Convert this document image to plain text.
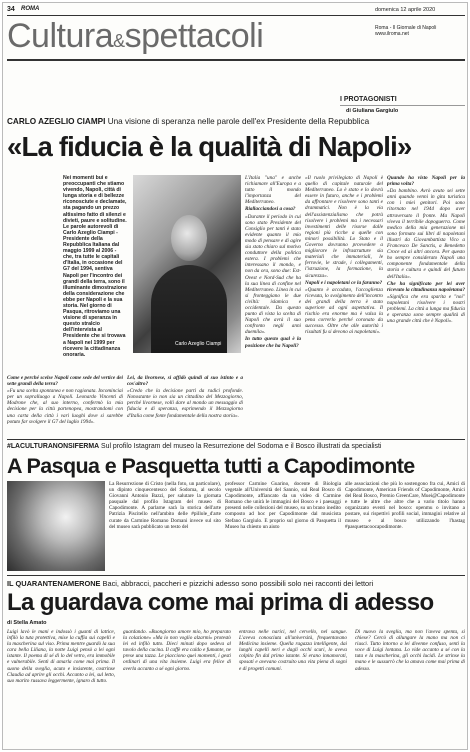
34 ROMA	domenica 12 aprile 2020
Cultura&spettacoli	Roma - Il Giornale di Napoli
www.ilroma.net
I PROTAGONISTI
di Giuliana Gargiulo
CARLO AZEGLIO CIAMPI Una visione di speranza nelle parole dell'ex Presidente della Repubblica
«La fiducia è la qualità di Napoli»
Nei momenti bui e preoccupanti che stiamo vivendo, Napoli, città di lunga storia e di bellezze riconosciute e declamate, sta pagando un prezzo altissimo fatto di silenzi e divieti, paure e solitudine. Le parole autorevoli di Carlo Azeglio Ciampi - Presidente della Repubblica Italiana dal maggio 1999 al 2006 - che, tra tutte le capitali d'Italia, in occasione del G7 del 1994, sentiva Napoli per l'incontro dei grandi della terra, sono il illuminante dimostrazione della considerazione che ebbe per Napoli e la sua storia. Nel giorno di Pasqua, ritroviamo una visione di speranza in questo stralcio dell'intervista al Presidente che si trovava a Napoli nel 1999 per ricevere la cittadinanza onoraria.
Carlo Azeglio Ciampi

L'Italia "una" e anche richiamare all'Europa e a tutto il mondo l'importanza del Mediterraneo.

Riallacciandosi a cosa?

«Durante il periodo in cui sono stato Presidente del Consiglio per tanti è stato evidente quanto il mio modo di pensare e di agire sia stato chiaro sul motivo conduttore della politica estera. I problemi che interessano il mondo, e non da ora, sono due: Est-Ovest e Nord-Sud che ha la sua linea di confine nel Mediterraneo. Linea in cui si fronteggiano le due civiltà: islamica e occidentale. Da questo punto di vista la scelta di Napoli che avrà il suo confronto negli anni duemila».

In tutto questo qual è la posizione che ha Napoli?

«Il ruolo privilegiato di Napoli è quello di capitale naturale del Mediterraneo. Lo è stato e lo dovrà essere in futuro, anche e i problemi da affrontare e risolvere sono tanti e drammatici. Non è la via dell'assistenzialismo che potrà risolvere i problemi ma i necessari investimenti delle risorse dalle regioni più ricche a quelle con minori possibilità. Lo Stato e il Governo dovranno provvedere a migliorare le infrastrutture sia materiali che immateriali, le ferrovie, le strade, i collegamenti, l'istruzione, la formazione, la sicurezza».

Napoli e i napoletani ce la faranno?

«Quanto è accaduto, l'accoglienza ricevuta, lo svolgimento dell'incontro dei grandi della terra è stato superiore ad ogni aspettativa. Il rischio era enorme ma è valsa la pena correrlo perché coronato da successo. Oltre che alle autorità i risultati fu si devono ai napoletani».

Quando ha visto Napoli per la prima volta?

«Da bambino. Avrò avuto sei sette anni quando venni in gita turistica con i miei genitori. Poi sono ritornato nel 1944 dopo aver attraversato il fronte. Ma Napoli viveva il terribile dopoguerra. Come medico della mia generazione mi sono formato sui libri di napoletani illustri da Giovambattista Vico a Francesco De Sanctis, a Benedetto Croce ed ai altri ancora. Per questo ho sempre considerato Napoli una componente fondamentale della storia e cultura e quindi del futuro dell'Italia».

Che ha significato per lei aver ricevuto la cittadinanza napoletana?

«Significa che era sparita e "noi" napoletani risolvere i nostri problemi. La città a lunga ma fiducia e speranza sono sempre qualità di una grande città che è Napoli».

Come e perché scelse Napoli come sede del vertice dei sette grandi della terra?

«Fu una scelta spontanea e non ragionata. Incominciai per un sopralluogo a Napoli. Leonardo Vincenti di Modrone che, al suo interno, confermò la mia decisione per la città partenopea, mostrandomi con una carta della città i vari luoghi dove si sarebbe potuto far svolgere il G7 del luglio 1994».

Lei, da livornese, si affidò quindi al suo istinto e a cos'altro?

«Credo che la decisione partì da radici profonde. Nonostante io non sia un cittadino del Mezzogiorno, perché livornese, volli dare al mondo un messaggio di fiducia e di speranza, esprimendo il Mezzogiorno d'Italia come fonte fondamentale della nostra storia».

#LACULTURANONSIFERMA Sul profilo Istagram del museo la Resurrezione del Sodoma e il Bosco illustrati da specialisti
A Pasqua e Pasquetta tutti a Capodimonte
La Resurrezione di Cristo (nella foto, un particolare), un dipinto cinquecentesco del Sodoma, al secolo Giovanni Antonio Bazzi, per salutare la giornata pasquale dal profilo Istagram del museo di Capodimonte. A parlarne sarà la storica dell'arte Patrizia Piscitello nell'ambito delle #pillole_d'arte curate da Carmine Romano Domani invece sul sito del museo sarà pubblicato un testo del
professor Carmine Guarino, docente di Biologia vegetale all'Università del Sannio, sul Real Bosco di Capodimonte, affiancato da un video di Carmine Romano che unirà le immagini del Bosco e i paesaggi presenti nelle collezioni del museo, su un brano inedito composto ad hoc per Capodimonte dal musicista Stefano Gargiulo. E proprio sul giorno di Pasquetta il Museo ha chiesto un aiuto
alle associazioni che più lo sostengono fra cui, Amici di Capodimonte, American Friends of Capodimonte, Amici del Real Bosco, Premio GreenCare, Muei@Capodimonte e tutte le altre che altre che a vario titolo hanno organizzato eventi nel bosco: openmu o invitano a postare, sui rispettivi profili social, immagini relative al museo e al bosco utilizzando l'hastag #pasquettacoocapodimonte.
IL QUARANTENAMERONE Baci, abbracci, paccheri e pizzichi adesso sono possibili solo nei racconti dei lettori
La guardava come mai prima di adesso
di Stella Amato
Luigi lavò le mani e indossò i guanti di lattice, infilò la tuta protettiva, mise la cuffia sui capelli e la mascherina sul viso. Prima mentre guardò la sua cara bella Liliana, la notte Luigi pensò a lei ogni istante. Il poema di sé di lo del vetro, era immobile e vulnerabile. Sentì di amarla come mai prima. Il suono della sveglia, acuto e insistente, costrinse Claudia ad aprire gli occhi. Accanto a lei, sul letto, suo marito russava leggermente, ignaro di tutto.
guardando. «Buongiorno amore mio, ho preparato la colazione» «Ma io non voglio alzarmi» protestò lei ed infilò tutto. Dieci minuti dopo sedeva al tavolo della cucina. Il caffè era caldo e fumante, ne prese una tazza. Le piacciono quei momenti, i gesti ordinari di una vita insieme. Luigi era felice di averla accanto a sé ogni giorno.
entrava nelle narici, nel cervello, nel sangue. L'aveva conosciuta all'università, frequentavano Medicina insieme. Quella ragazza intelligente, dai lunghi capelli neri e dagli occhi scuri, lo aveva colpito fin dal primo istante. Si erano innamorati, sposati e avevano costruito una vita piena di sogni e di progetti comuni.
Di nuovo la sveglia, ma non l'aveva spenta, si chiese? Cercò di allungare la mano ma non ci riuscì. Tutto intorno a lei divenne confuso, sentì la voce di Luigi lontana. Lo vide accanto a sé con la tuta e la mascherina, gli occhi lucidi. Le strinse la mano e le sussurrò che la amava come mai prima di adesso.
